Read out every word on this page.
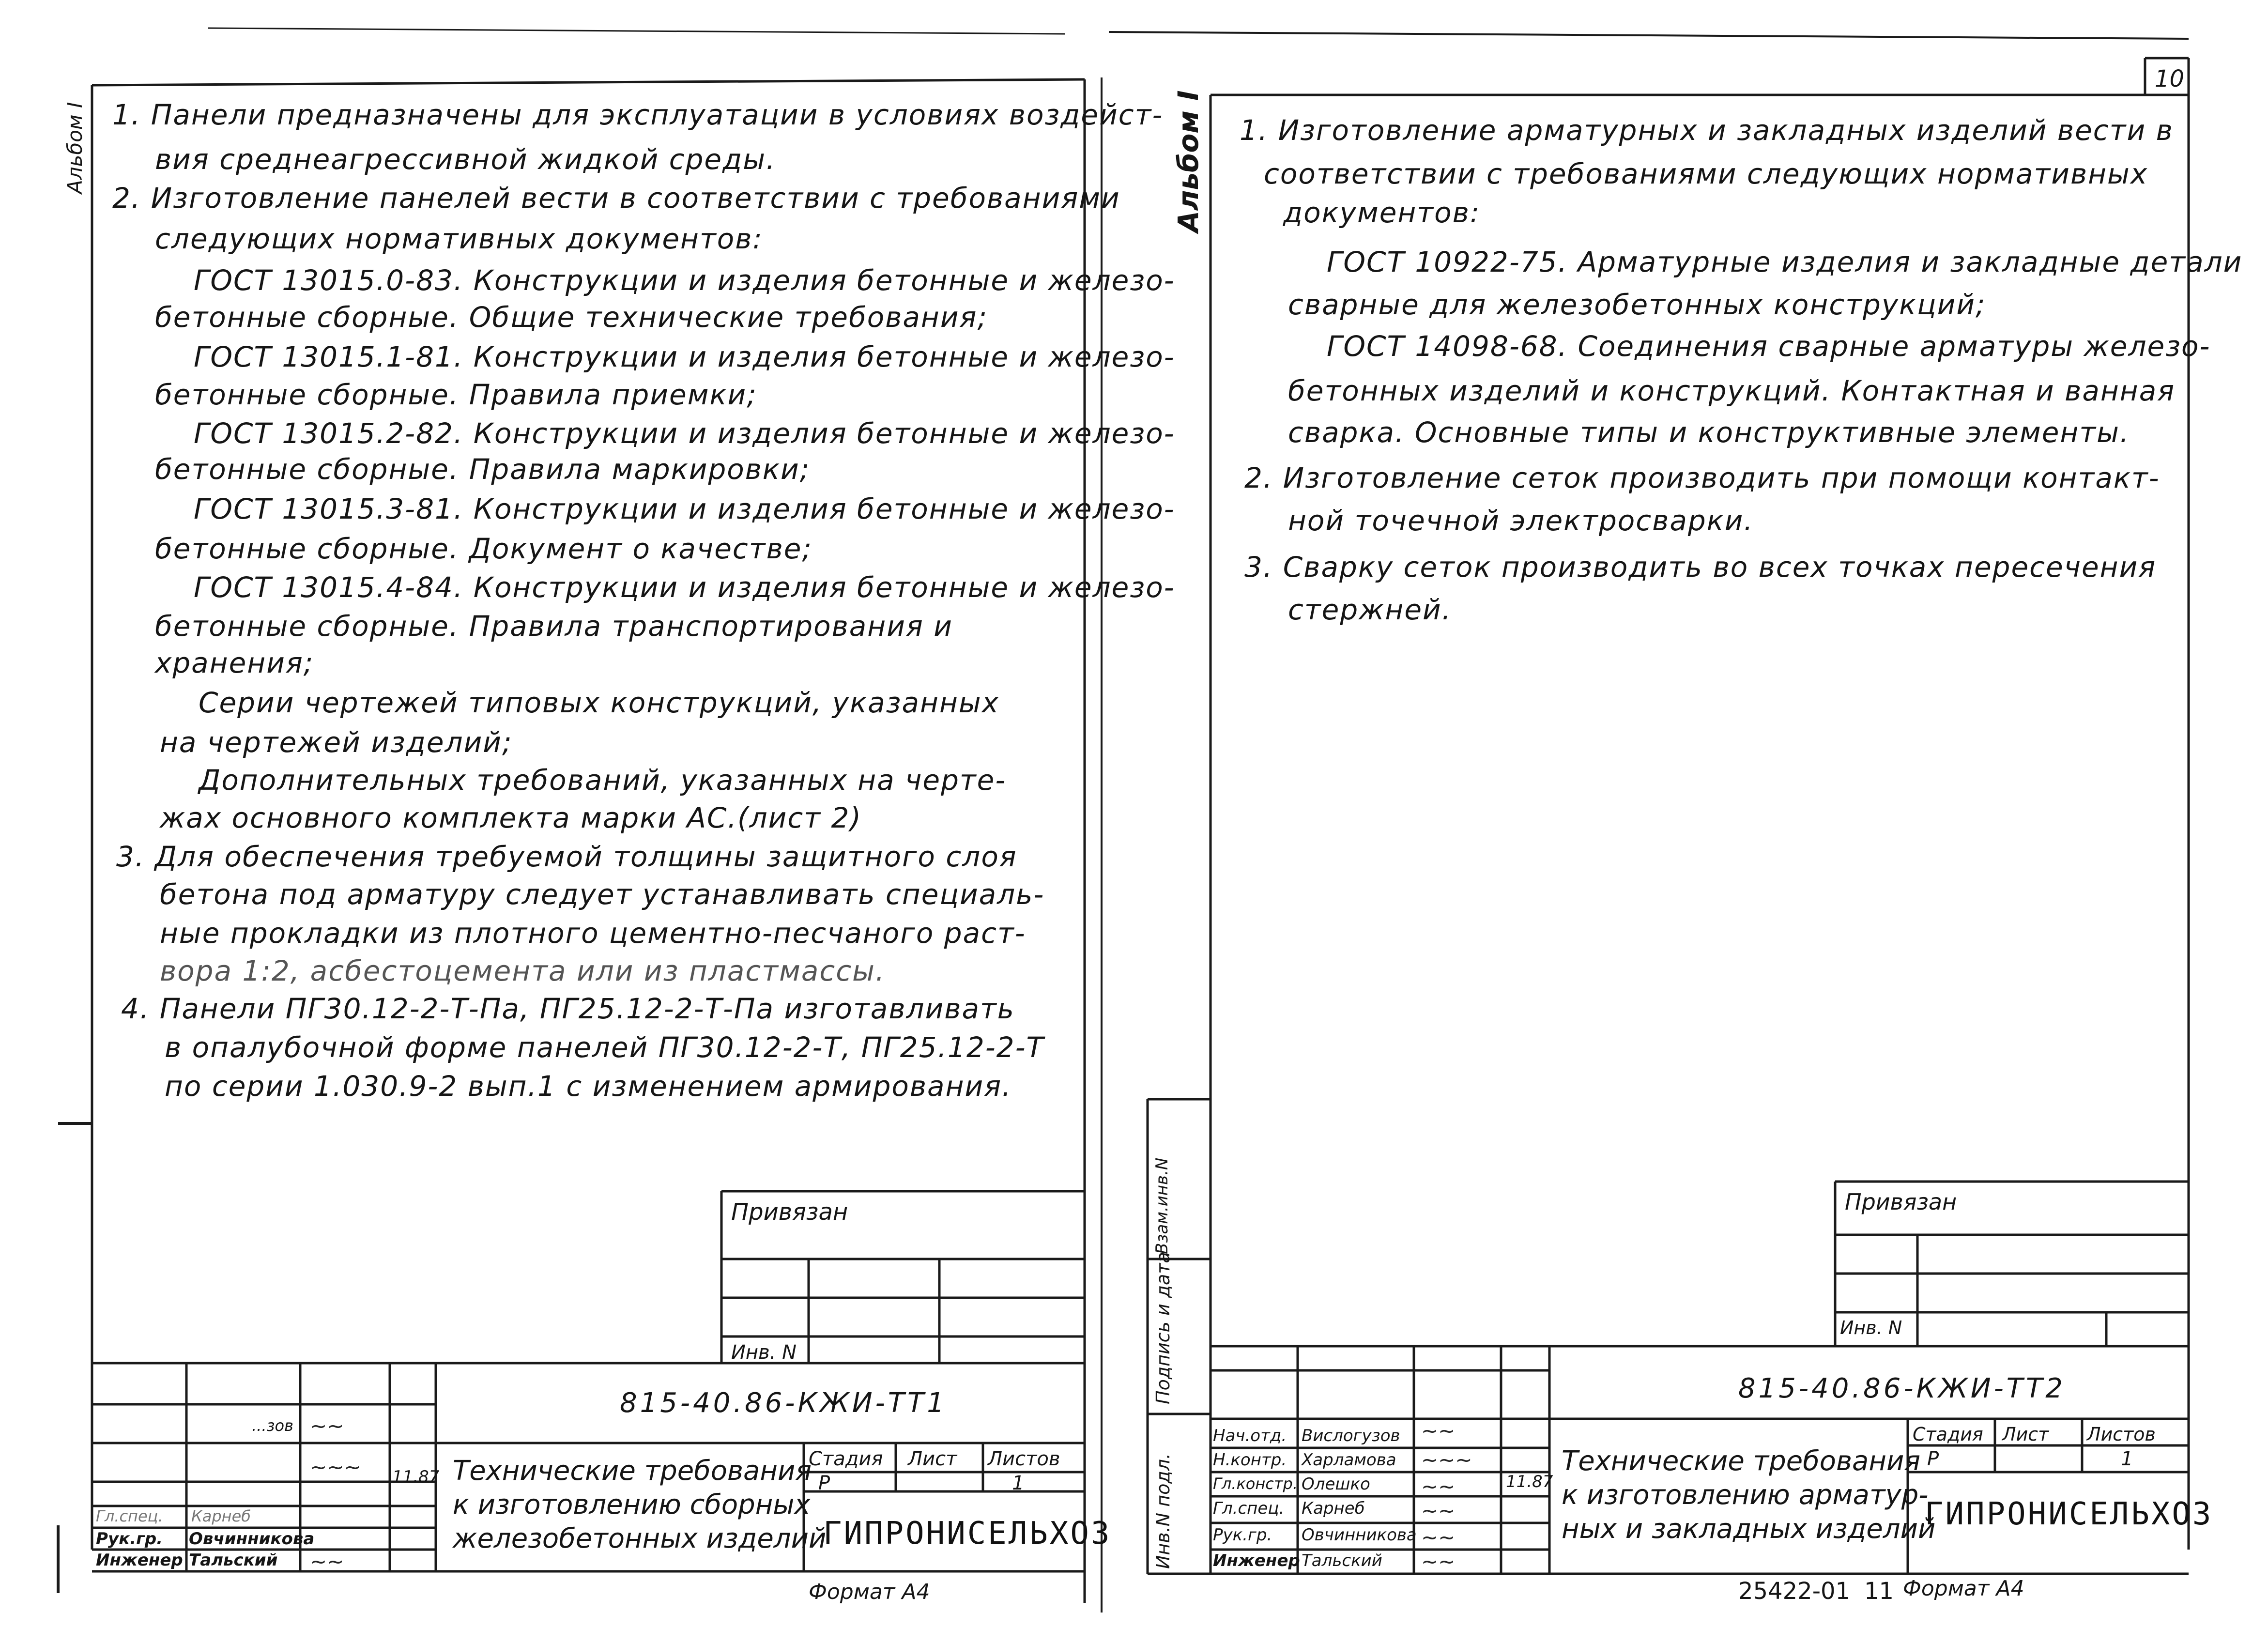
Альбом I 1. Панели предназначены для эксплуатации в условиях воздейст-
вия среднеагрессивной жидкой среды.
2. Изготовление панелей вести в соответствии с требованиями
следующих нормативных документов:
ГОСТ 13015.0-83. Конструкции и изделия бетонные и железо-
бетонные сборные. Общие технические требования;
ГОСТ 13015.1-81. Конструкции и изделия бетонные и железо-
бетонные сборные. Правила приемки;
ГОСТ 13015.2-82. Конструкции и изделия бетонные и железо-
бетонные сборные. Правила маркировки;
ГОСТ 13015.3-81. Конструкции и изделия бетонные и железо-
бетонные сборные. Документ о качестве;
ГОСТ 13015.4-84. Конструкции и изделия бетонные и железо-
бетонные сборные. Правила транспортирования и
хранения;
Серии чертежей типовых конструкций, указанных
на чертежей изделий;
Дополнительных требований, указанных на черте-
жах основного комплекта марки АС.(лист 2)
3. Для обеспечения требуемой толщины защитного слоя
бетона под арматуру следует устанавливать специаль-
ные прокладки из плотного цементно-песчаного раст-
вора 1:2, асбестоцемента или из пластмассы.
4. Панели ПГ30.12-2-Т-Па, ПГ25.12-2-Т-Па изготавливать
в опалубочной форме панелей ПГ30.12-2-Т, ПГ25.12-2-Т
по серии 1.030.9-2 вып.1 с изменением армирования.
Привязан
Инв. N
815-40.86-КЖИ-ТТ1
Гл.спец.
Рук.гр.
Инженер
...зов
Карнеб
Овчинникова
Тальский
11.87
~~
~~~
~~
Технические требования
к изготовлению сборных
железобетонных изделий
Стадия Лист Листов
Р	1
ГИПРОНИСЕЛЬХОЗ
Формат А4
10
Альбом I 1. Изготовление арматурных и закладных изделий вести в
соответствии с требованиями следующих нормативных
документов:
ГОСТ 10922-75. Арматурные изделия и закладные детали
сварные для железобетонных конструкций;
ГОСТ 14098-68. Соединения сварные арматуры железо-
бетонных изделий и конструкций. Контактная и ванная
сварка. Основные типы и конструктивные элементы.
2. Изготовление сеток производить при помощи контакт-
ной точечной электросварки.
3. Сварку сеток производить во всех точках пересечения
стержней.
Привязан
Инв. N
815-40.86-КЖИ-ТТ2
Инв.N подл.
Подпись и дата
Взам.инв.N
Нач.отд.
Н.контр.
Гл.констр.
Гл.спец.
Рук.гр.
Инженер
Вислогузов
Харламова
Олешко
Карнеб
Овчинникова
Тальский
11.87
~~
~~~
~~
~~
~~
~~
Технические требования
к изготовлению арматур-
ных и закладных изделий
Стадия Лист Листов
Р	1
ГИПРОНИСЕЛЬХОЗ
25422-01 11 Формат А4
